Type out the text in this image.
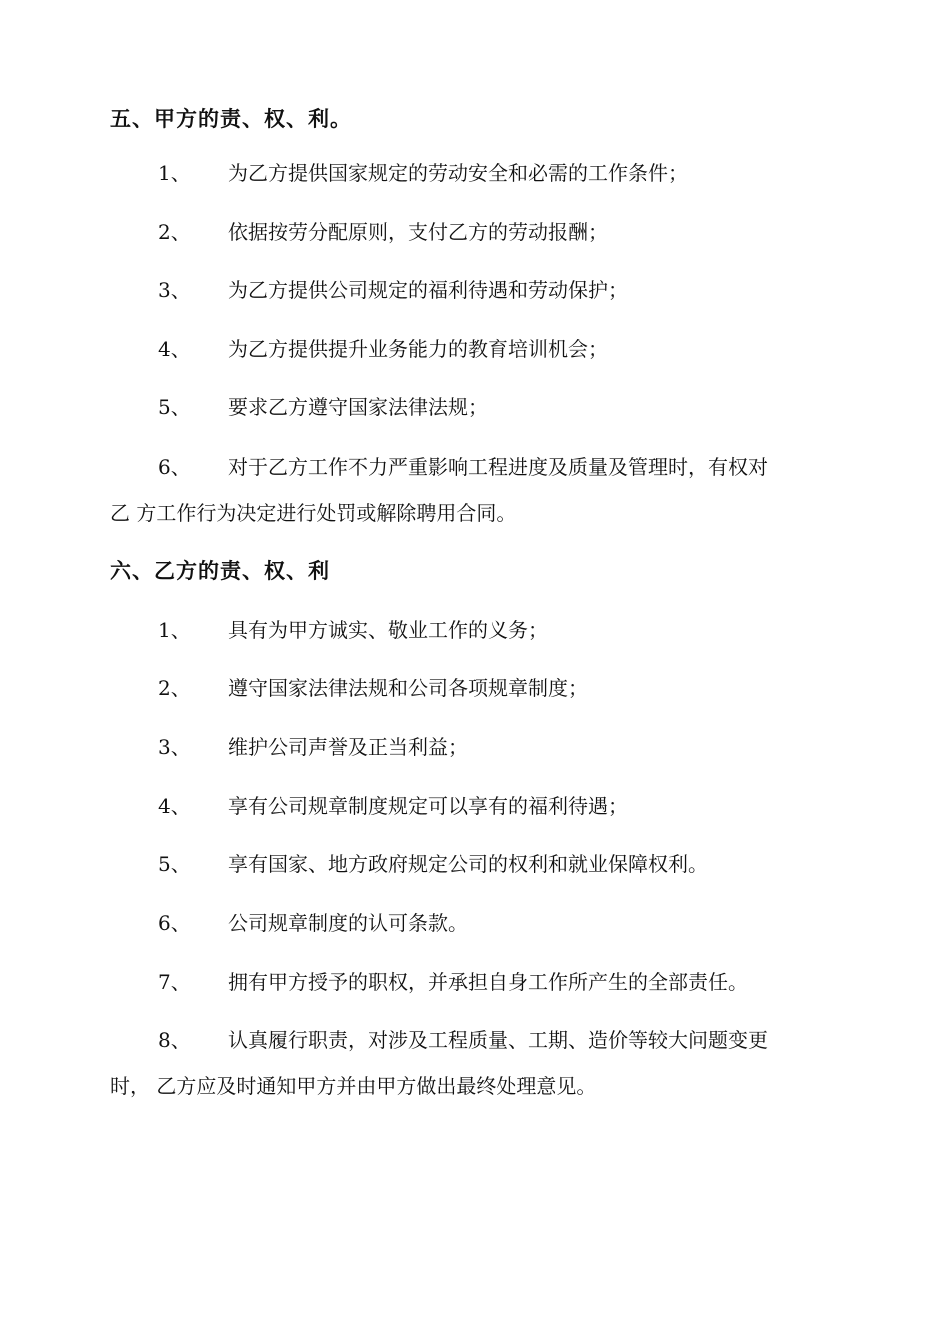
五、甲方的责、权、利。
1、	为乙方提供国家规定的劳动安全和必需的工作条件；
2、	依据按劳分配原则，支付乙方的劳动报酬；
3、	为乙方提供公司规定的福利待遇和劳动保护；
4、	为乙方提供提升业务能力的教育培训机会；
5、	要求乙方遵守国家法律法规；
6、	对于乙方工作不力严重影响工程进度及质量及管理时，有权对
乙 方工作行为决定进行处罚或解除聘用合同。
六、乙方的责、权、利
1、	具有为甲方诚实、敬业工作的义务；
2、	遵守国家法律法规和公司各项规章制度；
3、	维护公司声誉及正当利益；
4、	享有公司规章制度规定可以享有的福利待遇；
5、	享有国家、地方政府规定公司的权利和就业保障权利。
6、	公司规章制度的认可条款。
7、	拥有甲方授予的职权，并承担自身工作所产生的全部责任。
8、	认真履行职责，对涉及工程质量、工期、造价等较大问题变更
时， 乙方应及时通知甲方并由甲方做出最终处理意见。
